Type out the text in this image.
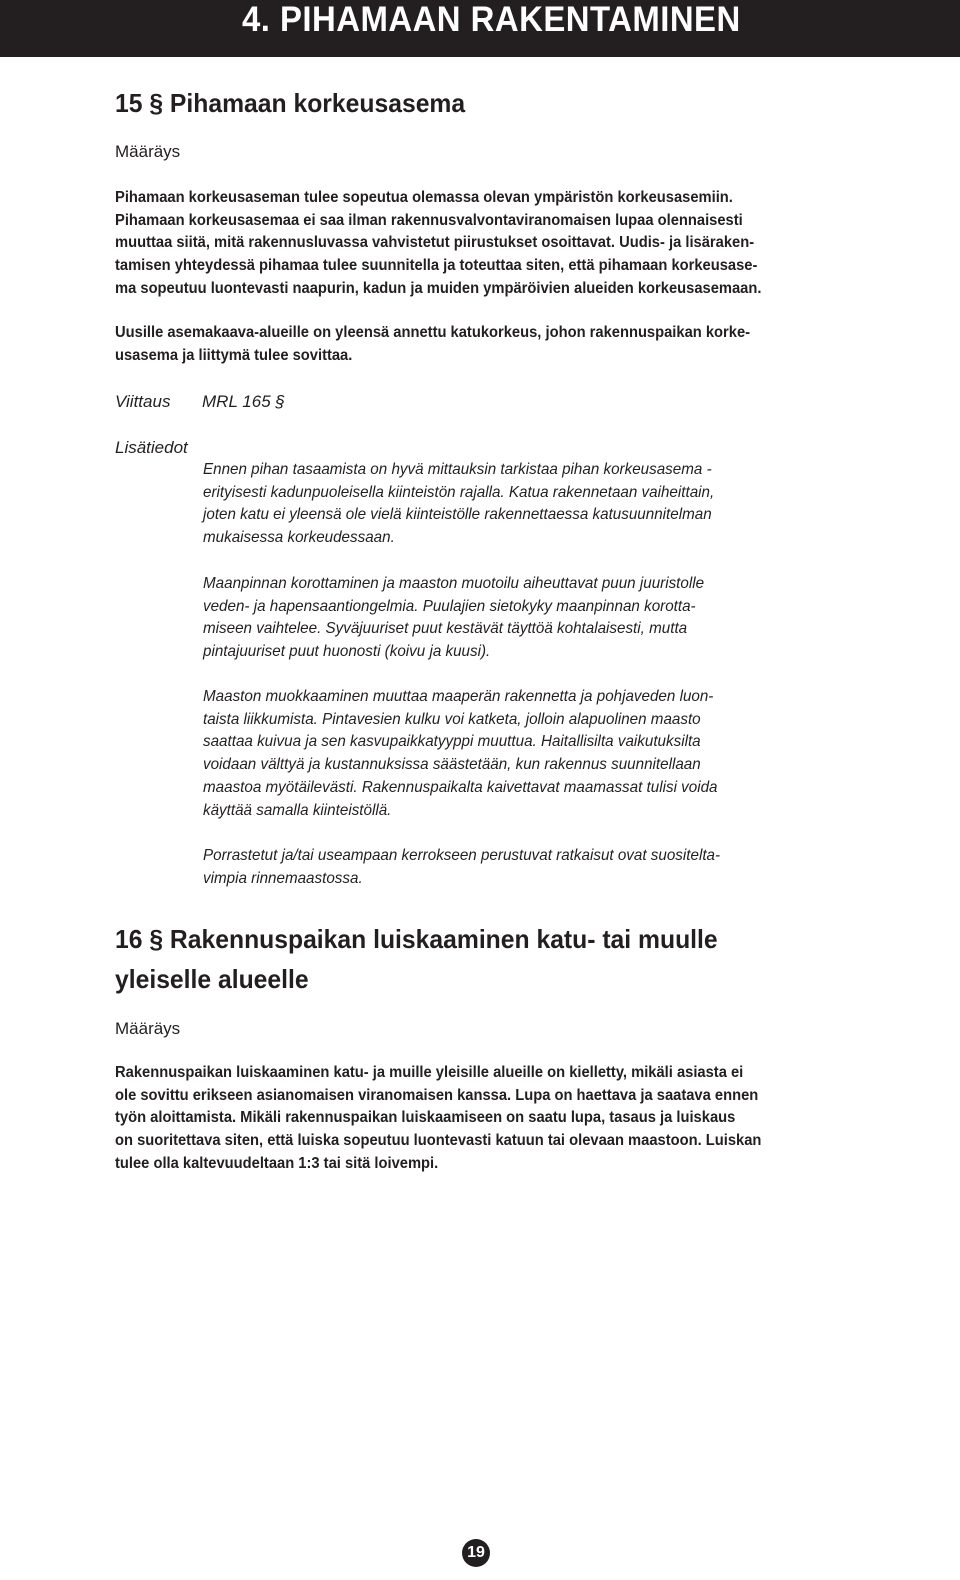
4. PIHAMAAN RAKENTAMINEN
15 § Pihamaan korkeusasema
Määräys

Pihamaan korkeusaseman tulee sopeutua olemassa olevan ympäristön korkeusasemiin.
Pihamaan korkeusasemaa ei saa ilman rakennusvalvontaviranomaisen lupaa olennaisesti
muuttaa siitä, mitä rakennusluvassa vahvistetut piirustukset osoittavat. Uudis- ja lisäraken-
tamisen yhteydessä pihamaa tulee suunnitella ja toteuttaa siten, että pihamaan korkeusase-
ma sopeutuu luontevasti naapurin, kadun ja muiden ympäröivien alueiden korkeusasemaan.

Uusille asemakaava-alueille on yleensä annettu katukorkeus, johon rakennuspaikan korke-
usasema ja liittymä tulee sovittaa.

Viittaus MRL 165 §
Lisätiedot

Ennen pihan tasaamista on hyvä mittauksin tarkistaa pihan korkeusasema -
erityisesti kadunpuoleisella kiinteistön rajalla. Katua rakennetaan vaiheittain,
joten katu ei yleensä ole vielä kiinteistölle rakennettaessa katusuunnitelman
mukaisessa korkeudessaan.

Maanpinnan korottaminen ja maaston muotoilu aiheuttavat puun juuristolle
veden- ja hapensaantiongelmia. Puulajien sietokyky maanpinnan korotta-
miseen vaihtelee. Syväjuuriset puut kestävät täyttöä kohtalaisesti, mutta
pintajuuriset puut huonosti (koivu ja kuusi).

Maaston muokkaaminen muuttaa maaperän rakennetta ja pohjaveden luon-
taista liikkumista. Pintavesien kulku voi katketa, jolloin alapuolinen maasto
saattaa kuivua ja sen kasvupaikkatyyppi muuttua. Haitallisilta vaikutuksilta
voidaan välttyä ja kustannuksissa säästetään, kun rakennus suunnitellaan
maastoa myötäilevästi. Rakennuspaikalta kaivettavat maamassat tulisi voida
käyttää samalla kiinteistöllä.

Porrastetut ja/tai useampaan kerrokseen perustuvat ratkaisut ovat suositelta-
vimpia rinnemaastossa.

16 § Rakennuspaikan luiskaaminen katu- tai muulle
yleiselle alueelle
Määräys

Rakennuspaikan luiskaaminen katu- ja muille yleisille alueille on kielletty, mikäli asiasta ei
ole sovittu erikseen asianomaisen viranomaisen kanssa. Lupa on haettava ja saatava ennen
työn aloittamista. Mikäli rakennuspaikan luiskaamiseen on saatu lupa, tasaus ja luiskaus
on suoritettava siten, että luiska sopeutuu luontevasti katuun tai olevaan maastoon. Luiskan
tulee olla kaltevuudeltaan 1:3 tai sitä loivempi.

19
